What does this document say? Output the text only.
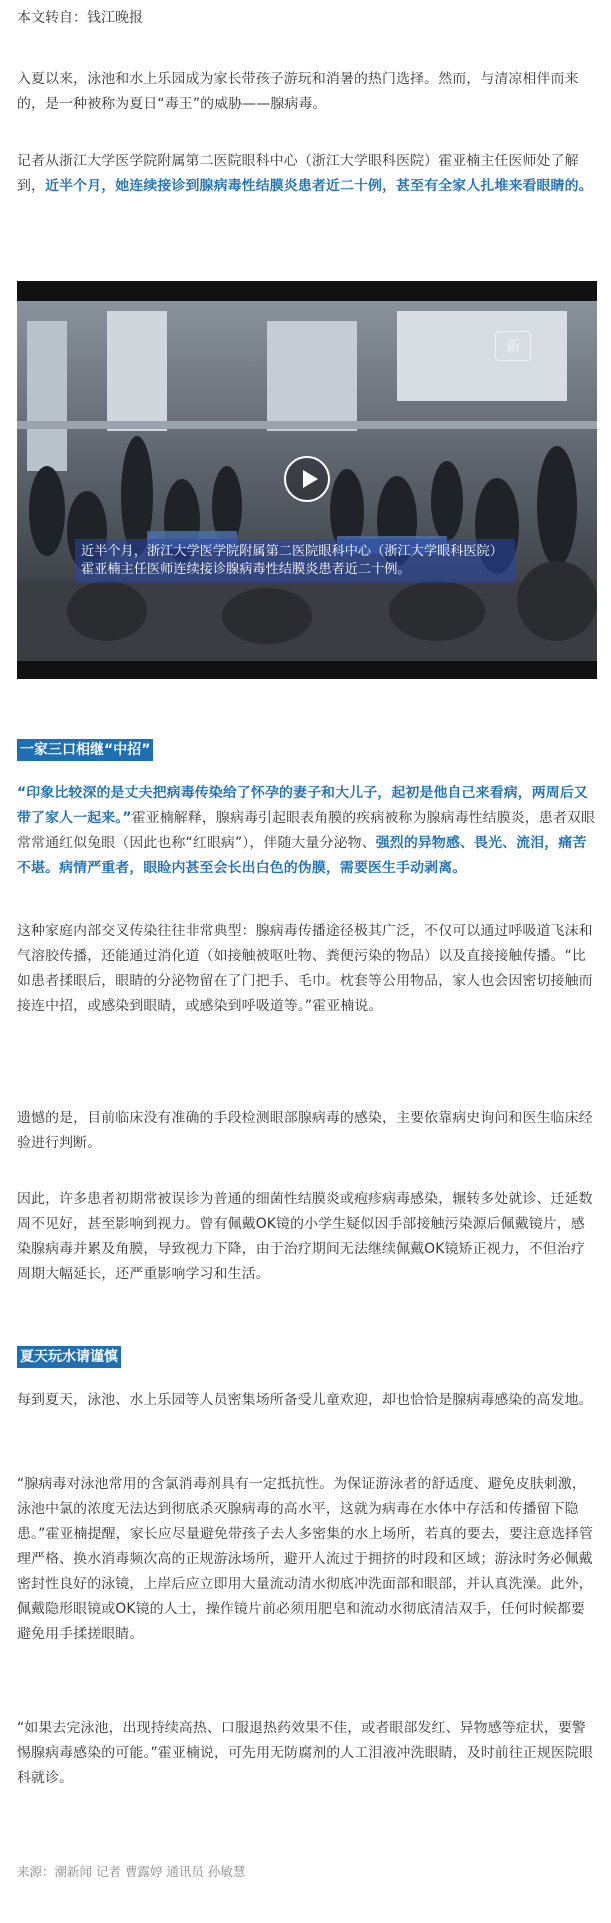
本文转自：钱江晚报

入夏以来，泳池和水上乐园成为家长带孩子游玩和消暑的热门选择。然而，与清凉相伴而来的，是一种被称为夏日“毒王”的威胁——腺病毒。

记者从浙江大学医学院附属第二医院眼科中心（浙江大学眼科医院）霍亚楠主任医师处了解到，近半个月，她连续接诊到腺病毒性结膜炎患者近二十例，甚至有全家人扎堆来看眼睛的。

新
近半个月，浙江大学医学院附属第二医院眼科中心（浙江大学眼科医院）霍亚楠主任医师连续接诊腺病毒性结膜炎患者近二十例。
一家三口相继“中招”

“印象比较深的是丈夫把病毒传染给了怀孕的妻子和大儿子，起初是他自己来看病，两周后又带了家人一起来。”霍亚楠解释，腺病毒引起眼表角膜的疾病被称为腺病毒性结膜炎，患者双眼常常通红似兔眼（因此也称“红眼病”），伴随大量分泌物、强烈的异物感、畏光、流泪，痛苦不堪。病情严重者，眼睑内甚至会长出白色的伪膜，需要医生手动剥离。

这种家庭内部交叉传染往往非常典型：腺病毒传播途径极其广泛，不仅可以通过呼吸道飞沫和气溶胶传播，还能通过消化道（如接触被呕吐物、粪便污染的物品）以及直接接触传播。“比如患者揉眼后，眼睛的分泌物留在了门把手、毛巾。枕套等公用物品，家人也会因密切接触而接连中招，或感染到眼睛，或感染到呼吸道等。”霍亚楠说。

遗憾的是，目前临床没有准确的手段检测眼部腺病毒的感染，主要依靠病史询问和医生临床经验进行判断。

因此，许多患者初期常被误诊为普通的细菌性结膜炎或疱疹病毒感染，辗转多处就诊、迁延数周不见好，甚至影响到视力。曾有佩戴OK镜的小学生疑似因手部接触污染源后佩戴镜片，感染腺病毒并累及角膜，导致视力下降，由于治疗期间无法继续佩戴OK镜矫正视力，不但治疗周期大幅延长，还严重影响学习和生活。

夏天玩水请谨慎

每到夏天，泳池、水上乐园等人员密集场所备受儿童欢迎，却也恰恰是腺病毒感染的高发地。

“腺病毒对泳池常用的含氯消毒剂具有一定抵抗性。为保证游泳者的舒适度、避免皮肤刺激，泳池中氯的浓度无法达到彻底杀灭腺病毒的高水平，这就为病毒在水体中存活和传播留下隐患。”霍亚楠提醒，家长应尽量避免带孩子去人多密集的水上场所，若真的要去，要注意选择管理严格、换水消毒频次高的正规游泳场所，避开人流过于拥挤的时段和区域；游泳时务必佩戴密封性良好的泳镜，上岸后应立即用大量流动清水彻底冲洗面部和眼部，并认真洗澡。此外，佩戴隐形眼镜或OK镜的人士，操作镜片前必须用肥皂和流动水彻底清洁双手，任何时候都要避免用手揉搓眼睛。

“如果去完泳池，出现持续高热、口服退热药效果不佳，或者眼部发红、异物感等症状，要警惕腺病毒感染的可能。”霍亚楠说，可先用无防腐剂的人工泪液冲洗眼睛，及时前往正规医院眼科就诊。

来源：潮新闻 记者 曹露婷 通讯员 孙敏慧
